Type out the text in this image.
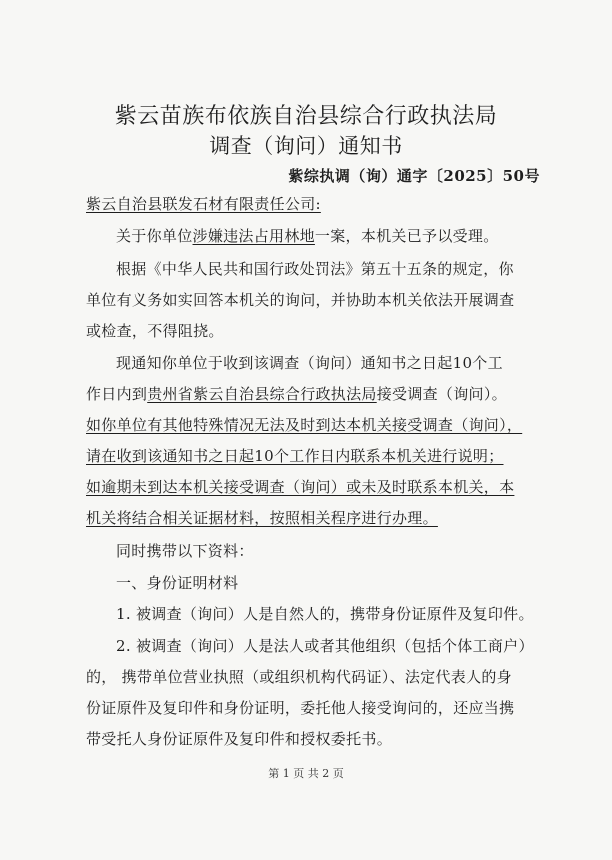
紫云苗族布依族自治县综合行政执法局
调查（询问）通知书
紫综执调（询）通字〔2025〕50号
紫云自治县联发石材有限责任公司:
关于你单位涉嫌违法占用林地一案，本机关已予以受理。
根据《中华人民共和国行政处罚法》第五十五条的规定，你
单位有义务如实回答本机关的询问，并协助本机关依法开展调查
或检查，不得阻挠。
现通知你单位于收到该调查（询问）通知书之日起10个工
作日内到贵州省紫云自治县综合行政执法局接受调查（询问）。
如你单位有其他特殊情况无法及时到达本机关接受调查（询问），
请在收到该通知书之日起10个工作日内联系本机关进行说明；
如逾期未到达本机关接受调查（询问）或未及时联系本机关，本
机关将结合相关证据材料，按照相关程序进行办理。
同时携带以下资料：
一、身份证明材料
1. 被调查（询问）人是自然人的，携带身份证原件及复印件。
2. 被调查（询问）人是法人或者其他组织（包括个体工商户）
的， 携带单位营业执照（或组织机构代码证）、法定代表人的身
份证原件及复印件和身份证明，委托他人接受询问的，还应当携
带受托人身份证原件及复印件和授权委托书。
第 1 页 共 2 页
